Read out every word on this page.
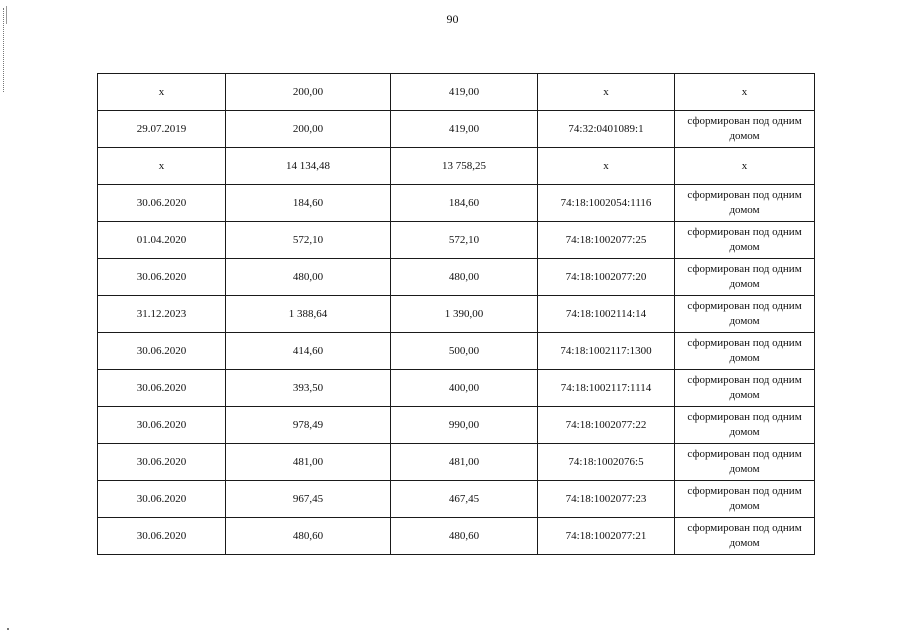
90
x	200,00	419,00	x	x
29.07.2019	200,00	419,00	74:32:0401089:1	сформирован под одним домом
x	14 134,48	13 758,25	x	x
30.06.2020	184,60	184,60	74:18:1002054:1116	сформирован под одним домом
01.04.2020	572,10	572,10	74:18:1002077:25	сформирован под одним домом
30.06.2020	480,00	480,00	74:18:1002077:20	сформирован под одним домом
31.12.2023	1 388,64	1 390,00	74:18:1002114:14	сформирован под одним домом
30.06.2020	414,60	500,00	74:18:1002117:1300	сформирован под одним домом
30.06.2020	393,50	400,00	74:18:1002117:1114	сформирован под одним домом
30.06.2020	978,49	990,00	74:18:1002077:22	сформирован под одним домом
30.06.2020	481,00	481,00	74:18:1002076:5	сформирован под одним домом
30.06.2020	967,45	467,45	74:18:1002077:23	сформирован под одним домом
30.06.2020	480,60	480,60	74:18:1002077:21	сформирован под одним домом
